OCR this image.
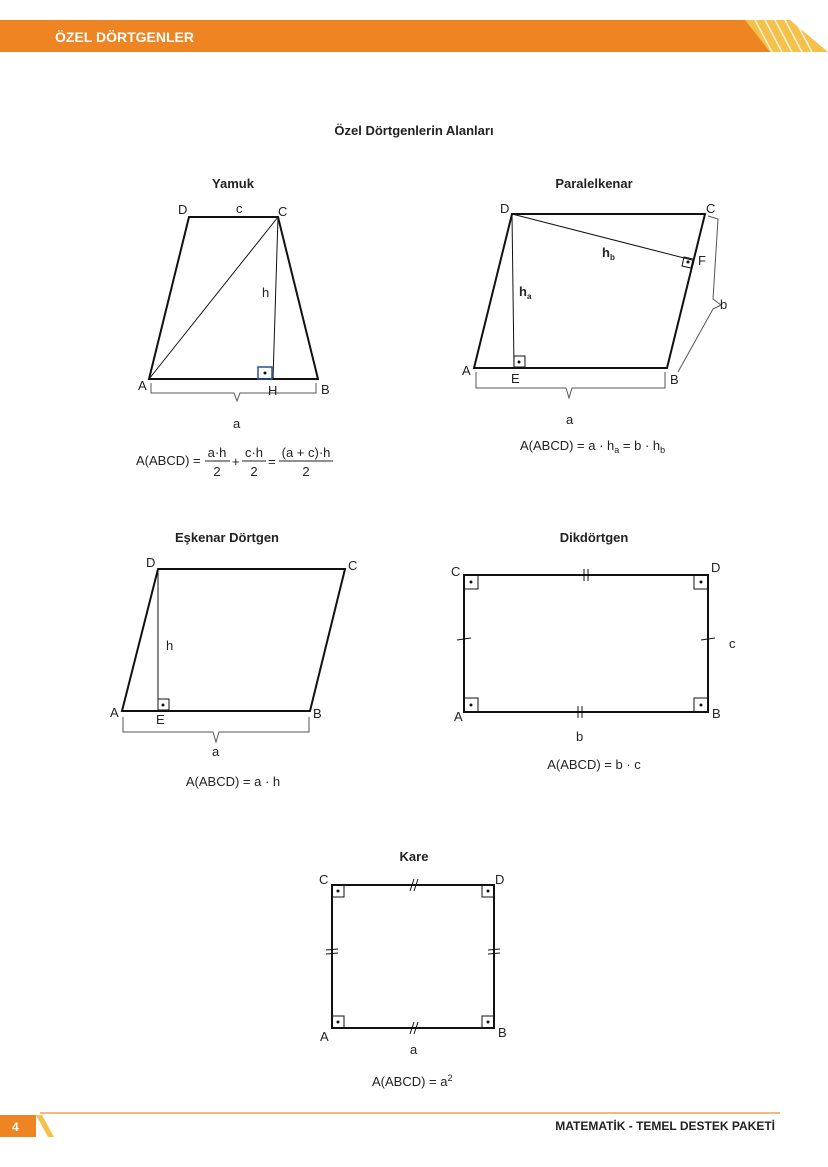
ÖZEL DÖRTGENLER
Özel Dörtgenlerin Alanları
Yamuk
D	c	C
h
A	H	B
a
A(ABCD) =
a·h
2
+
c·h
2
=
(a + c)·h
2
Paralelkenar
D	C
$h_b$	F
$h_a$
b
A
E	B
a
A(ABCD) = $a \cdot h_a = b \cdot h_b$
Eşkenar Dörtgen
D	C
h
A	E	B
a
A(ABCD) = a · h
Dikdörtgen
C	D
c
A	B
b
A(ABCD) = b · c
Kare
C	D
A	B
a
A(ABCD) = $a^2$
4	MATEMATİK - TEMEL DESTEK PAKETİ
